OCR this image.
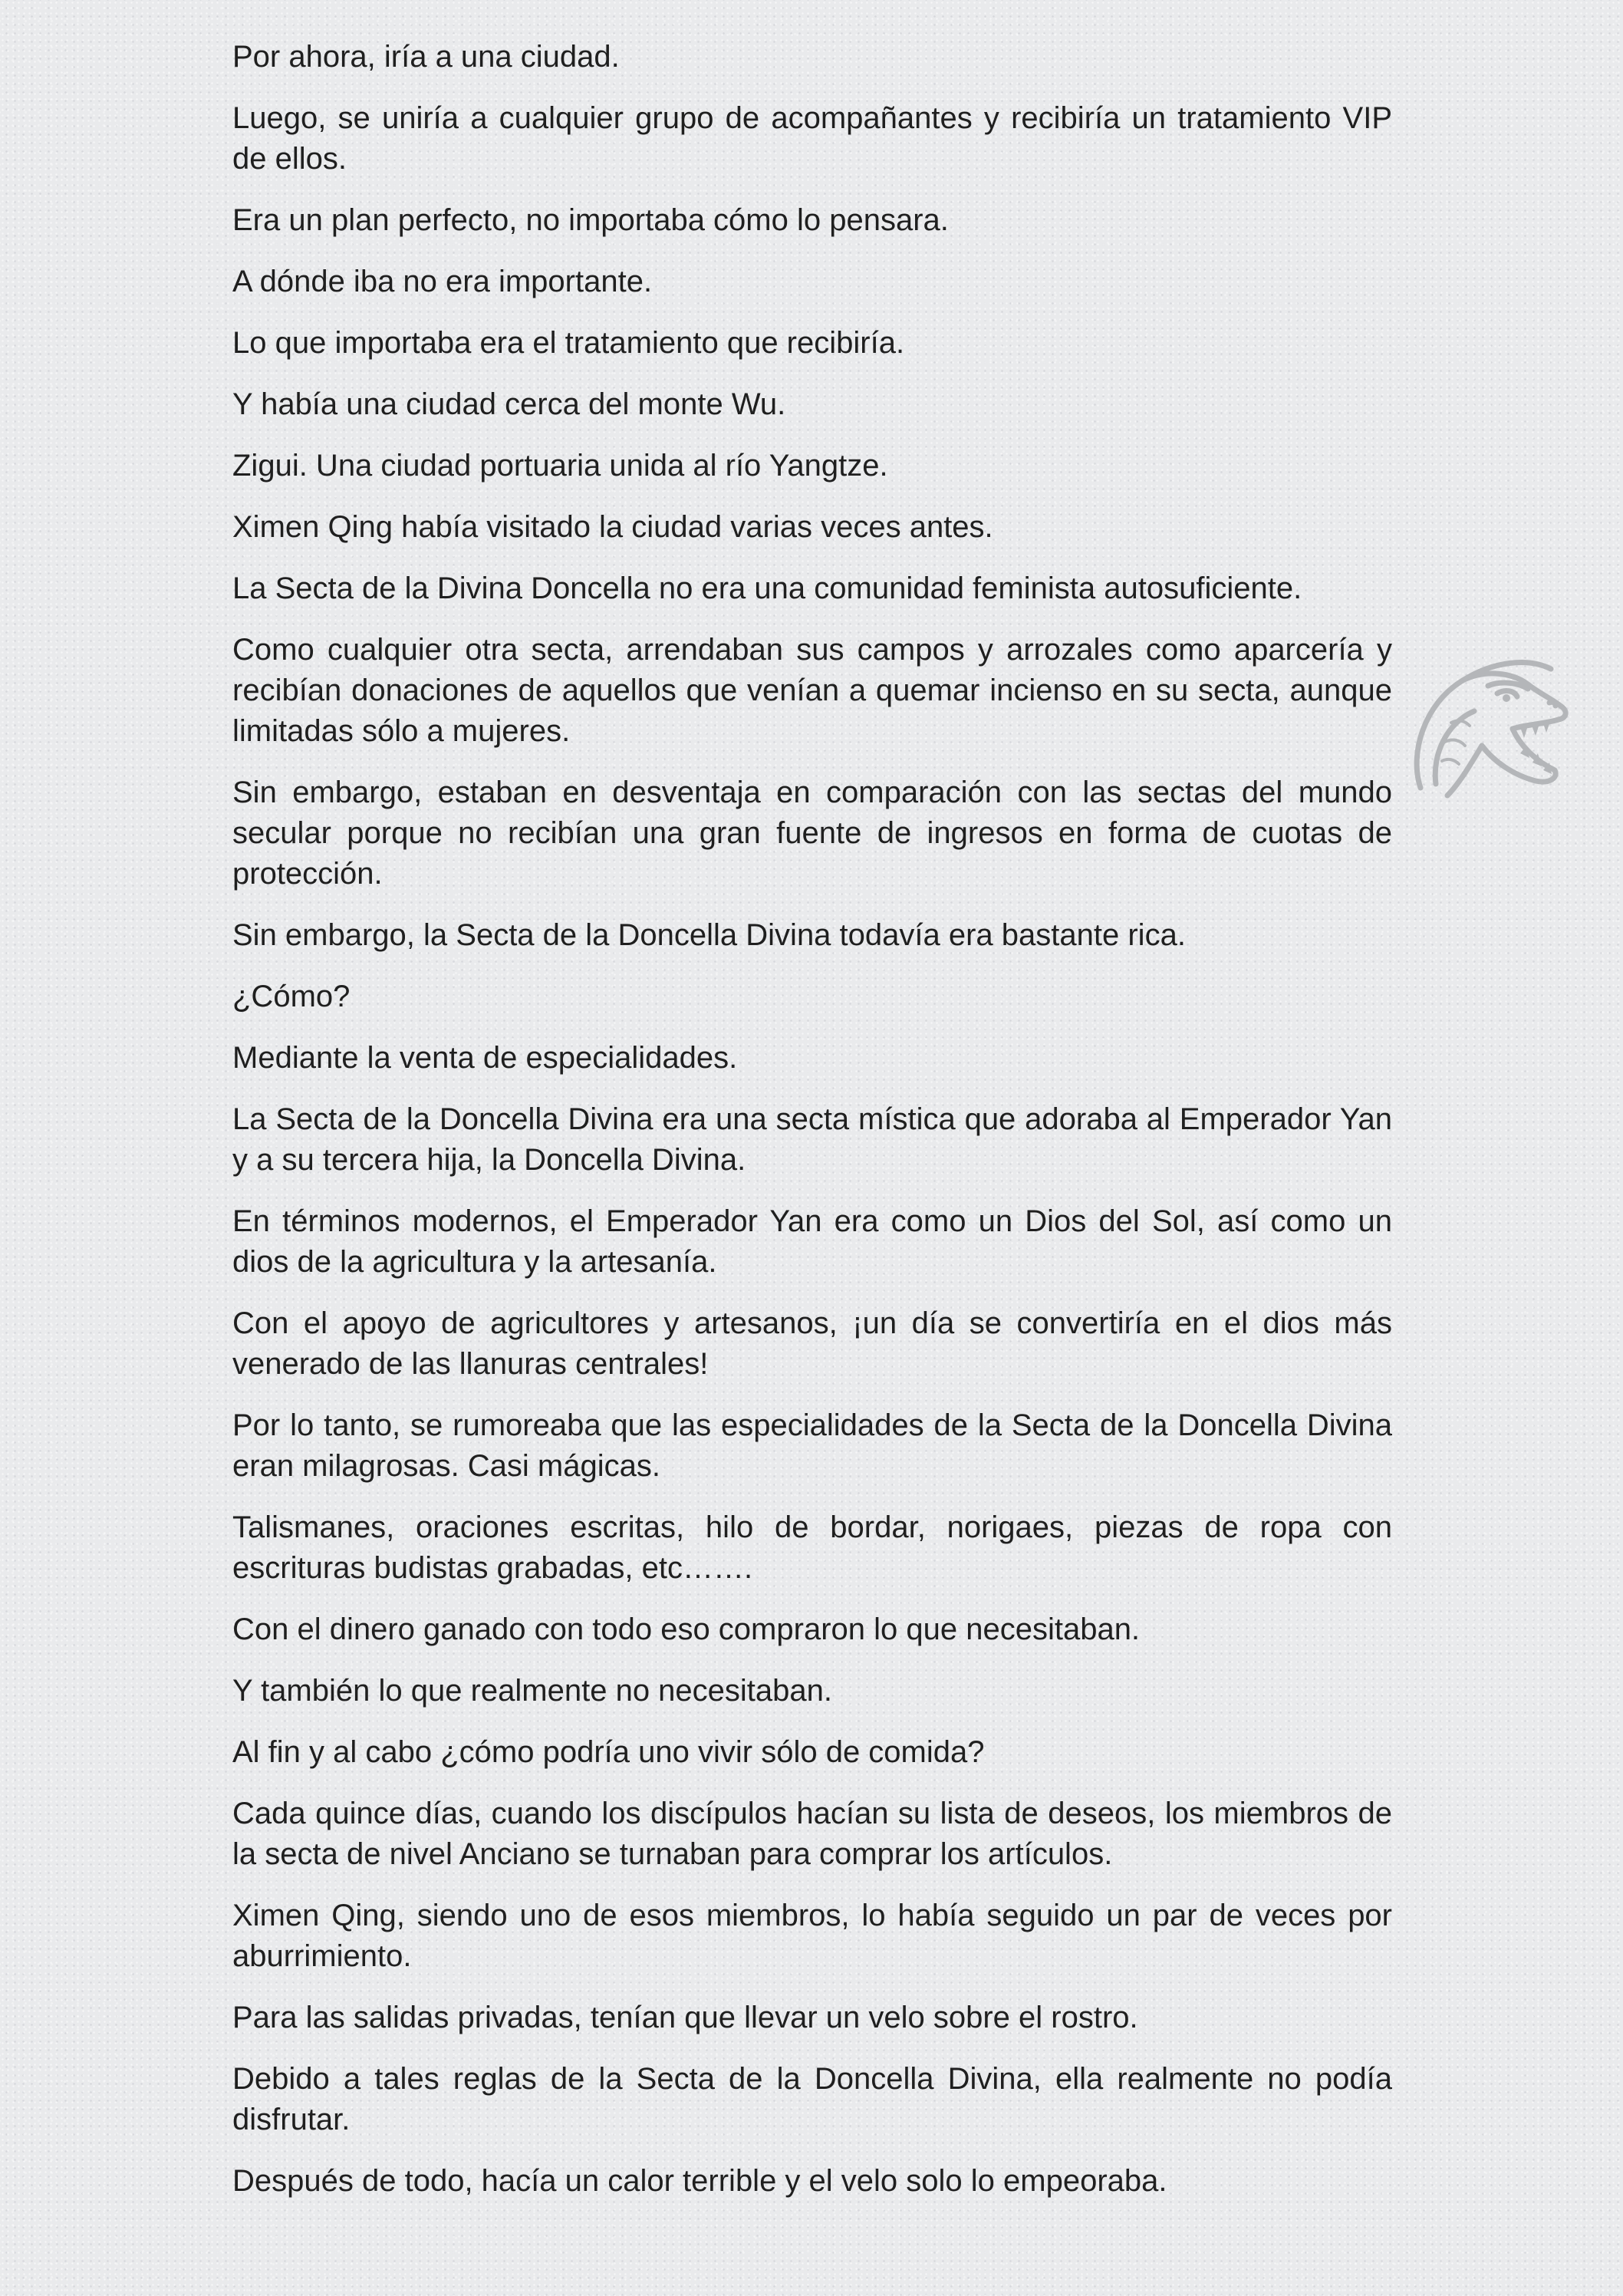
Por ahora, iría a una ciudad.

Luego, se uniría a cualquier grupo de acompañantes y recibiría un tratamiento VIP de ellos.

Era un plan perfecto, no importaba cómo lo pensara.

A dónde iba no era importante.

Lo que importaba era el tratamiento que recibiría.

Y había una ciudad cerca del monte Wu.

Zigui. Una ciudad portuaria unida al río Yangtze.

Ximen Qing había visitado la ciudad varias veces antes.

La Secta de la Divina Doncella no era una comunidad feminista autosuficiente.

Como cualquier otra secta, arrendaban sus campos y arrozales como aparcería y recibían donaciones de aquellos que venían a quemar incienso en su secta, aunque limitadas sólo a mujeres.

Sin embargo, estaban en desventaja en comparación con las sectas del mundo secular porque no recibían una gran fuente de ingresos en forma de cuotas de protección.

Sin embargo, la Secta de la Doncella Divina todavía era bastante rica.

¿Cómo?

Mediante la venta de especialidades.

La Secta de la Doncella Divina era una secta mística que adoraba al Emperador Yan y a su tercera hija, la Doncella Divina.

En términos modernos, el Emperador Yan era como un Dios del Sol, así como un dios de la agricultura y la artesanía.

Con el apoyo de agricultores y artesanos, ¡un día se convertiría en el dios más venerado de las llanuras centrales!

Por lo tanto, se rumoreaba que las especialidades de la Secta de la Doncella Divina eran milagrosas. Casi mágicas.

Talismanes, oraciones escritas, hilo de bordar, norigaes, piezas de ropa con escrituras budistas grabadas, etc…….

Con el dinero ganado con todo eso compraron lo que necesitaban.

Y también lo que realmente no necesitaban.

Al fin y al cabo ¿cómo podría uno vivir sólo de comida?

Cada quince días, cuando los discípulos hacían su lista de deseos, los miembros de la secta de nivel Anciano se turnaban para comprar los artículos.

Ximen Qing, siendo uno de esos miembros, lo había seguido un par de veces por aburrimiento.

Para las salidas privadas, tenían que llevar un velo sobre el rostro.

Debido a tales reglas de la Secta de la Doncella Divina, ella realmente no podía disfrutar.

Después de todo, hacía un calor terrible y el velo solo lo empeoraba.
